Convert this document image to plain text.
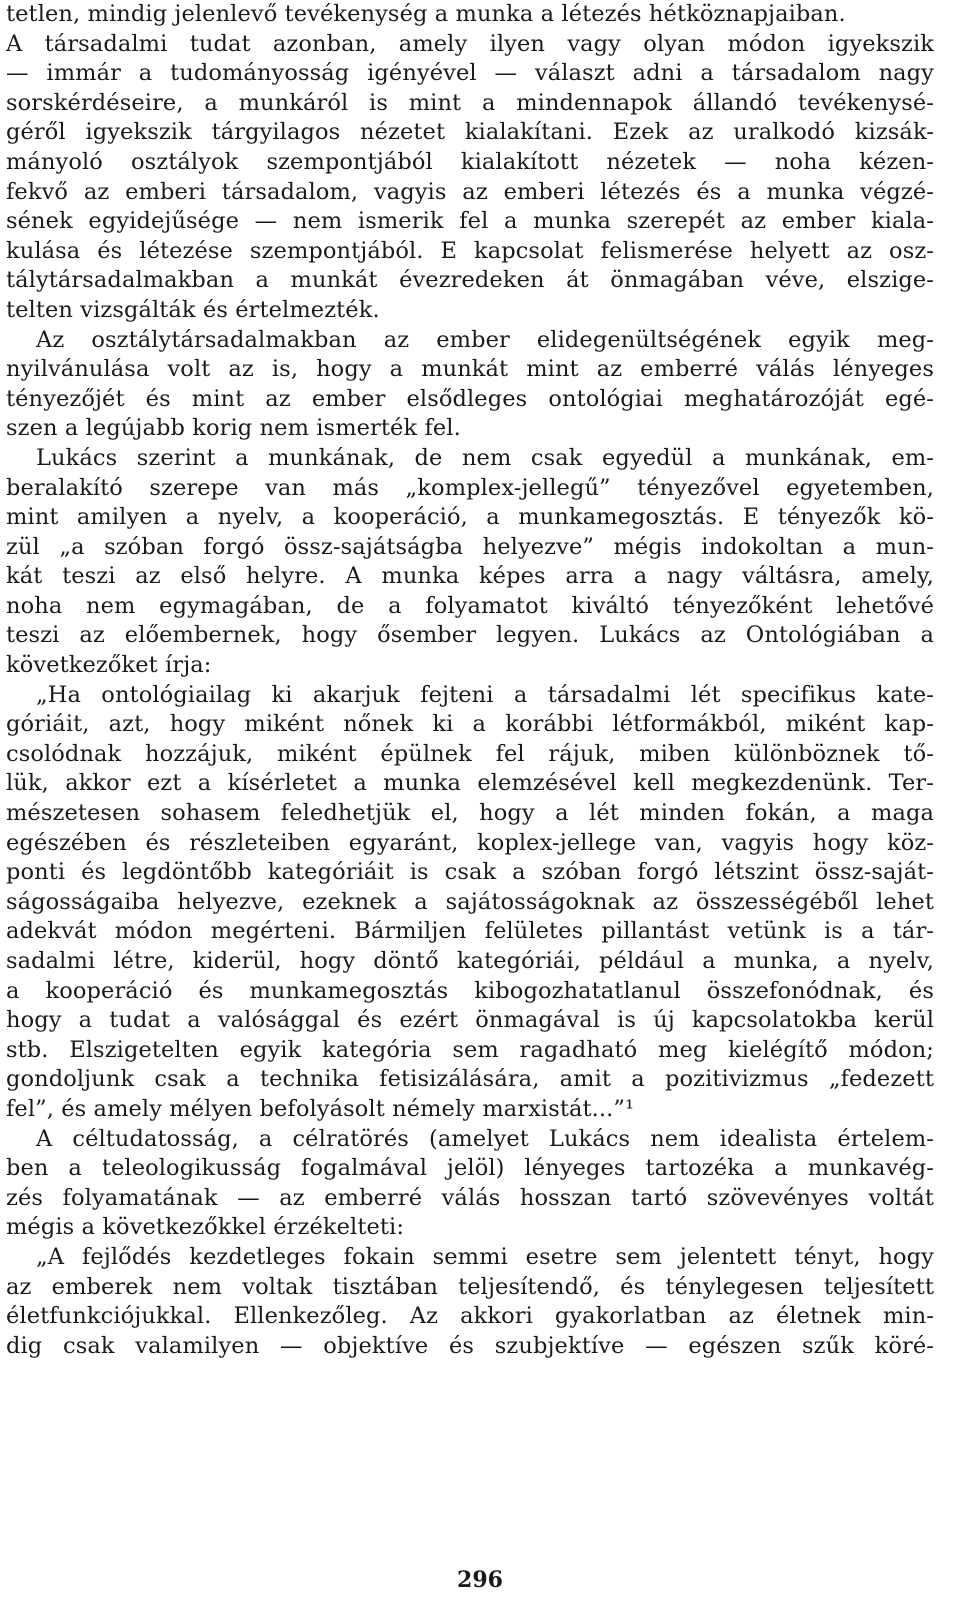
tetlen, mindig jelenlevő tevékenység a munka a létezés hétköznapjaiban.
A társadalmi tudat azonban, amely ilyen vagy olyan módon igyekszik
— immár a tudományosság igényével — választ adni a társadalom nagy
sorskérdéseire, a munkáról is mint a mindennapok állandó tevékenysé-
géről igyekszik tárgyilagos nézetet kialakítani. Ezek az uralkodó kizsák-
mányoló osztályok szempontjából kialakított nézetek — noha kézen-
fekvő az emberi társadalom, vagyis az emberi létezés és a munka végzé-
sének egyidejűsége — nem ismerik fel a munka szerepét az ember kiala-
kulása és létezése szempontjából. E kapcsolat felismerése helyett az osz-
tálytársadalmakban a munkát évezredeken át önmagában véve, elszige-
telten vizsgálták és értelmezték.
Az osztálytársadalmakban az ember elidegenültségének egyik meg-
nyilvánulása volt az is, hogy a munkát mint az emberré válás lényeges
tényezőjét és mint az ember elsődleges ontológiai meghatározóját egé-
szen a legújabb korig nem ismerték fel.
Lukács szerint a munkának, de nem csak egyedül a munkának, em-
beralakító szerepe van más „komplex-jellegű” tényezővel egyetemben,
mint amilyen a nyelv, a kooperáció, a munkamegosztás. E tényezők kö-
zül „a szóban forgó össz-sajátságba helyezve” mégis indokoltan a mun-
kát teszi az első helyre. A munka képes arra a nagy váltásra, amely,
noha nem egymagában, de a folyamatot kiváltó tényezőként lehetővé
teszi az előembernek, hogy ősember legyen. Lukács az Ontológiában a
következőket írja:
„Ha ontológiailag ki akarjuk fejteni a társadalmi lét specifikus kate-
góriáit, azt, hogy miként nőnek ki a korábbi létformákból, miként kap-
csolódnak hozzájuk, miként épülnek fel rájuk, miben különböznek tő-
lük, akkor ezt a kísérletet a munka elemzésével kell megkezdenünk. Ter-
mészetesen sohasem feledhetjük el, hogy a lét minden fokán, a maga
egészében és részleteiben egyaránt, koplex-jellege van, vagyis hogy köz-
ponti és legdöntőbb kategóriáit is csak a szóban forgó létszint össz-saját-
ságosságaiba helyezve, ezeknek a sajátosságoknak az összességéből lehet
adekvát módon megérteni. Bármiljen felületes pillantást vetünk is a tár-
sadalmi létre, kiderül, hogy döntő kategóriái, például a munka, a nyelv,
a kooperáció és munkamegosztás kibogozhatatlanul összefonódnak, és
hogy a tudat a valósággal és ezért önmagával is új kapcsolatokba kerül
stb. Elszigetelten egyik kategória sem ragadható meg kielégítő módon;
gondoljunk csak a technika fetisizálására, amit a pozitivizmus „fedezett
fel”, és amely mélyen befolyásolt némely marxistát...”¹
A céltudatosság, a célratörés (amelyet Lukács nem idealista értelem-
ben a teleologikusság fogalmával jelöl) lényeges tartozéka a munkavég-
zés folyamatának — az emberré válás hosszan tartó szövevényes voltát
mégis a következőkkel érzékelteti:
„A fejlődés kezdetleges fokain semmi esetre sem jelentett tényt, hogy
az emberek nem voltak tisztában teljesítendő, és ténylegesen teljesített
életfunkciójukkal. Ellenkezőleg. Az akkori gyakorlatban az életnek min-
dig csak valamilyen — objektíve és szubjektíve — egészen szűk köré-
296
